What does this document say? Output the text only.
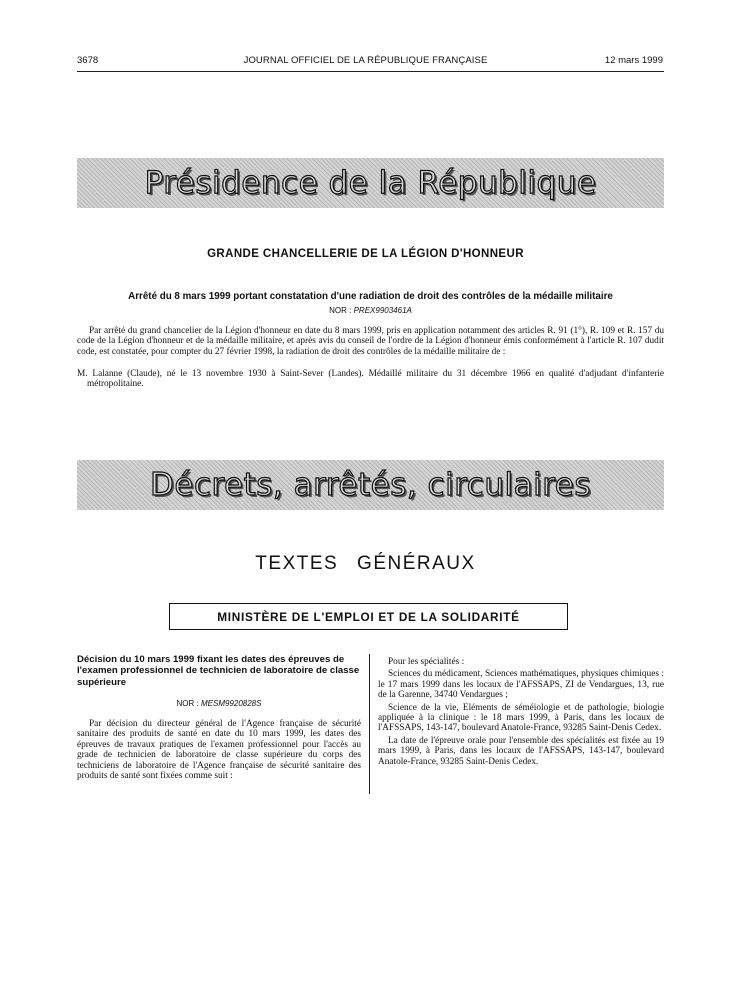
3678	JOURNAL OFFICIEL DE LA RÉPUBLIQUE FRANÇAISE	12 mars 1999
Présidence de la République
GRANDE CHANCELLERIE DE LA LÉGION D'HONNEUR
Arrêté du 8 mars 1999 portant constatation d'une radiation de droit des contrôles de la médaille militaire
NOR : PREX9903461A
Par arrêté du grand chancelier de la Légion d'honneur en date du 8 mars 1999, pris en application notamment des articles R. 91 (1°), R. 109 et R. 157 du code de la Légion d'honneur et de la médaille militaire, et après avis du conseil de l'ordre de la Légion d'honneur émis conformément à l'article R. 107 dudit code, est constatée, pour compter du 27 février 1998, la radiation de droit des contrôles de la médaille militaire de :
M. Lalanne (Claude), né le 13 novembre 1930 à Saint-Sever (Landes). Médaillé militaire du 31 décembre 1966 en qualité d'adjudant d'infanterie métropolitaine.
Décrets, arrêtés, circulaires
TEXTES GÉNÉRAUX
MINISTÈRE DE L'EMPLOI ET DE LA SOLIDARITÉ
Décision du 10 mars 1999 fixant les dates des épreuves de l'examen professionnel de technicien de laboratoire de classe supérieure
NOR : MESM9920828S
Par décision du directeur général de l'Agence française de sécurité sanitaire des produits de santé en date du 10 mars 1999, les dates des épreuves de travaux pratiques de l'examen professionnel pour l'accès au grade de technicien de laboratoire de classe supérieure du corps des techniciens de laboratoire de l'Agence française de sécurité sanitaire des produits de santé sont fixées comme suit :

Pour les spécialités :

Sciences du médicament, Sciences mathématiques, physiques chimiques : le 17 mars 1999 dans les locaux de l'AFSSAPS, ZI de Vendargues, 13, rue de la Garenne, 34740 Vendargues ;

Science de la vie, Eléments de séméiologie et de pathologie, biologie appliquée à la clinique : le 18 mars 1999, à Paris, dans les locaux de l'AFSSAPS, 143-147, boulevard Anatole-France, 93285 Saint-Denis Cedex.

La date de l'épreuve orale pour l'ensemble des spécialités est fixée au 19 mars 1999, à Paris, dans les locaux de l'AFSSAPS, 143-147, boulevard Anatole-France, 93285 Saint-Denis Cedex.
